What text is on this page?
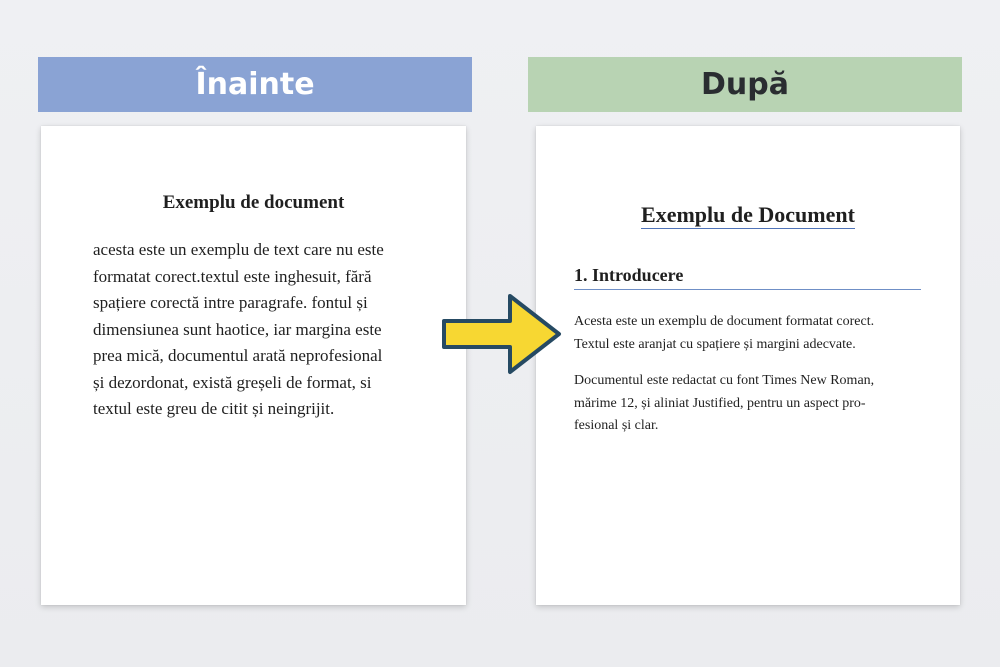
Înainte	După
Exemplu de document

acesta este un exemplu de text care nu este
formatat corect.textul este inghesuit, fără
spațiere corectă intre paragrafe. fontul și
dimensiunea sunt haotice, iar margina este
prea mică, documentul arată neprofesional
și dezordonat, există greșeli de format, si
textul este greu de citit și neingrijit.

Exemplu de Document
1. Introducere

Acesta este un exemplu de document formatat corect.
Textul este aranjat cu spațiere și margini adecvate.

Documentul este redactat cu font Times New Roman,
mărime 12, și aliniat Justified, pentru un aspect pro-
fesional și clar.
